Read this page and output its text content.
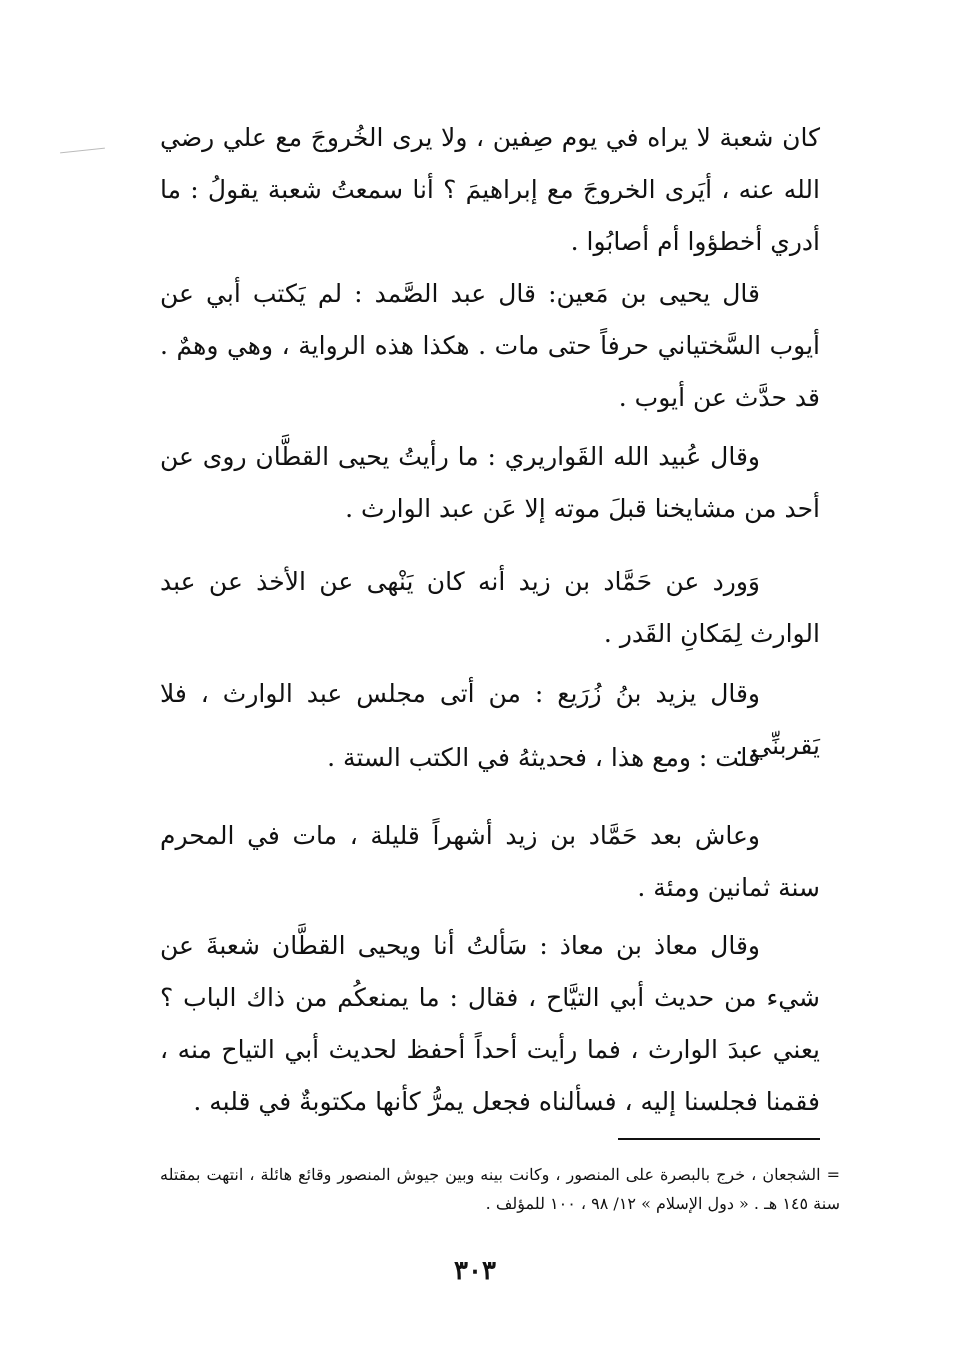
كان شعبة لا يراه في يوم صِفين ، ولا يرى الخُروجَ مع علي رضي الله عنه ، أيَرى الخروجَ مع إبراهيمَ ؟ أنا سمعتُ شعبة يقولُ : ما أدري أخطؤوا أم أصابُوا .

قال يحيى بن مَعين: قال عبد الصَّمد : لم يَكتب أبي عن أيوب السَّختياني حرفاً حتى مات . هكذا هذه الرواية ، وهي وهمٌ . قد حدَّث عن أيوب .

وقال عُبيد الله القَواريري : ما رأيتُ يحيى القطَّان روى عن أحد من مشايخنا قبلَ موته إلا عَن عبد الوارث .

وَورد عن حَمَّاد بن زيد أنه كان يَنْهى عن الأخذ عن عبد الوارث لِمَكانِ القَدر .

وقال يزيد بنُ زُرَيع : من أتى مجلس عبد الوارث ، فلا يَقربنِّي .

قلت : ومع هذا ، فحديثهُ في الكتب الستة .

وعاش بعد حَمَّاد بن زيد أشهراً قليلة ، مات في المحرم سنة ثمانين ومئة .

وقال معاذ بن معاذ : سَألتُ أنا ويحيى القطَّان شعبةَ عن شيء من حديث أبي التيَّاح ، فقال : ما يمنعكُم من ذاك الباب ؟ يعني عبدَ الوارث ، فما رأيت أحداً أحفظ لحديث أبي التياح منه ، فقمنا فجلسنا إليه ، فسألناه فجعل يمرُّ كأنها مكتوبةٌ في قلبه .

= الشجعان ، خرج بالبصرة على المنصور ، وكانت بينه وبين جيوش المنصور وقائع هائلة ، انتهت بمقتله سنة ١٤٥ هـ . « دول الإسلام » ١٢/ ٩٨ ، ١٠٠ للمؤلف .

٣٠٣
